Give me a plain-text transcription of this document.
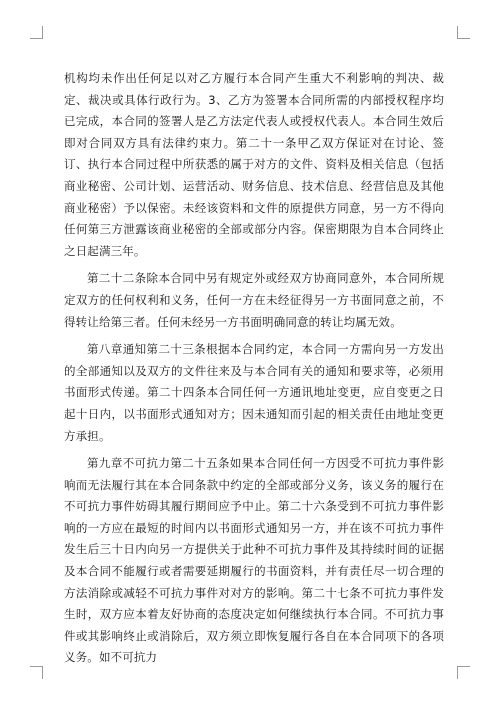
机构均未作出任何足以对乙方履行本合同产生重大不利影响的判决、裁定、裁决或具体行政行为。3、乙方为签署本合同所需的内部授权程序均已完成，本合同的签署人是乙方法定代表人或授权代表人。本合同生效后即对合同双方具有法律约束力。第二十一条甲乙双方保证对在讨论、签订、执行本合同过程中所获悉的属于对方的文件、资料及相关信息（包括商业秘密、公司计划、运营活动、财务信息、技术信息、经营信息及其他商业秘密）予以保密。未经该资料和文件的原提供方同意，另一方不得向任何第三方泄露该商业秘密的全部或部分内容。保密期限为自本合同终止之日起满三年。

第二十二条除本合同中另有规定外或经双方协商同意外，本合同所规定双方的任何权利和义务，任何一方在未经征得另一方书面同意之前，不得转让给第三者。任何未经另一方书面明确同意的转让均属无效。

第八章通知第二十三条根据本合同约定，本合同一方需向另一方发出的全部通知以及双方的文件往来及与本合同有关的通知和要求等，必须用书面形式传递。第二十四条本合同任何一方通讯地址变更，应自变更之日起十日内，以书面形式通知对方；因未通知而引起的相关责任由地址变更方承担。

第九章不可抗力第二十五条如果本合同任何一方因受不可抗力事件影响而无法履行其在本合同条款中约定的全部或部分义务，该义务的履行在不可抗力事件妨碍其履行期间应予中止。第二十六条受到不可抗力事件影响的一方应在最短的时间内以书面形式通知另一方，并在该不可抗力事件发生后三十日内向另一方提供关于此种不可抗力事件及其持续时间的证据及本合同不能履行或者需要延期履行的书面资料，并有责任尽一切合理的方法消除或减轻不可抗力事件对对方的影响。第二十七条不可抗力事件发生时，双方应本着友好协商的态度决定如何继续执行本合同。不可抗力事件或其影响终止或消除后，双方须立即恢复履行各自在本合同项下的各项义务。如不可抗力
